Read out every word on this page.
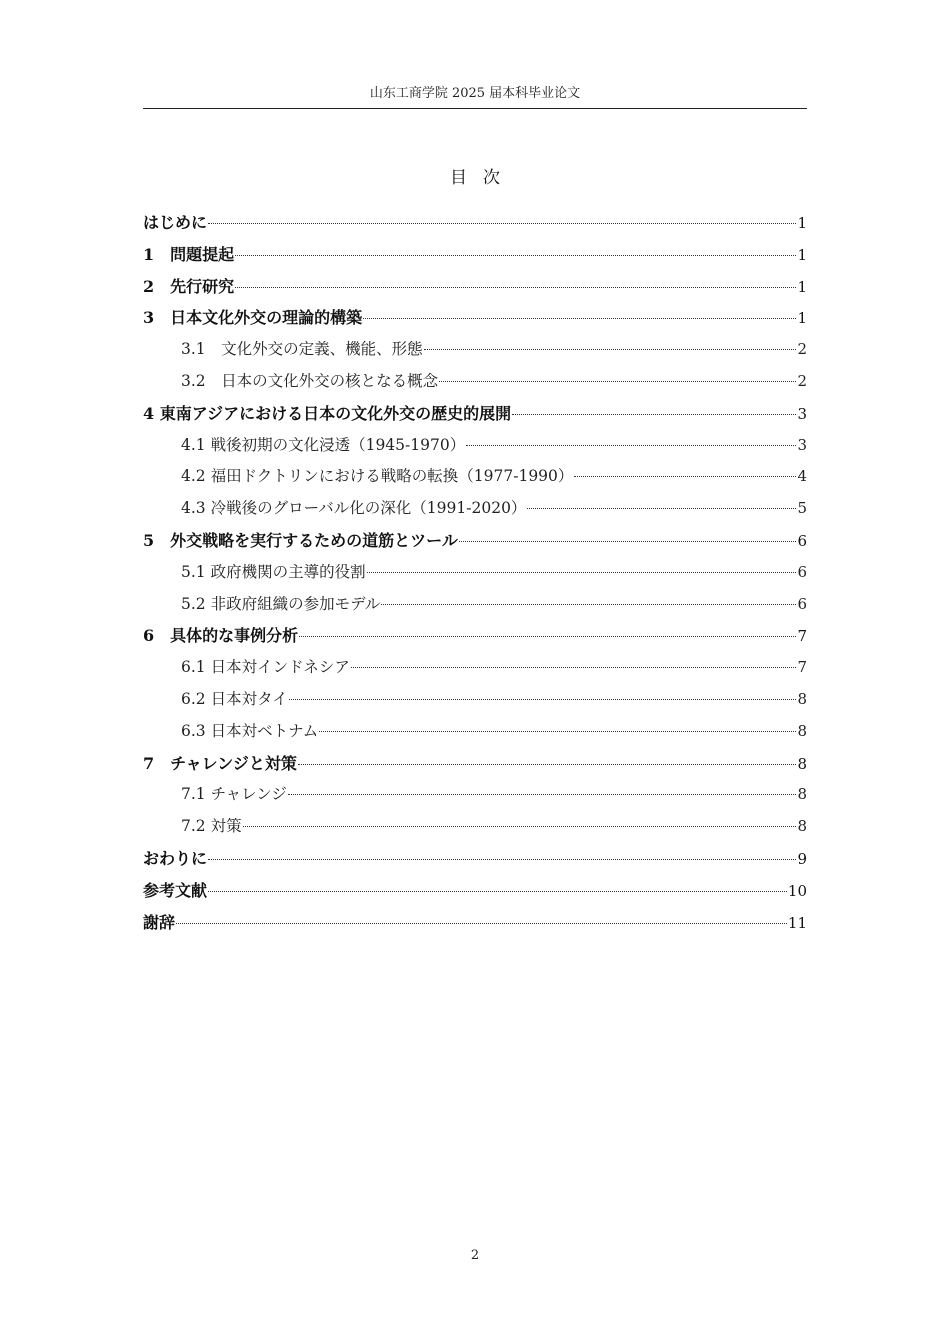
山东工商学院 2025 届本科毕业论文
目次
はじめに	1
1　問題提起	1
2　先行研究	1
3　日本文化外交の理論的構築	1
3.1　文化外交の定義、機能、形態	2
3.2　日本の文化外交の核となる概念	2
4 東南アジアにおける日本の文化外交の歴史的展開	3
4.1 戦後初期の文化浸透（1945-1970）	3
4.2 福田ドクトリンにおける戦略の転換（1977-1990）	4
4.3 冷戦後のグローバル化の深化（1991-2020）	5
5　外交戦略を実行するための道筋とツール	6
5.1 政府機関の主導的役割	6
5.2 非政府組織の参加モデル	6
6　具体的な事例分析	7
6.1 日本対インドネシア	7
6.2 日本対タイ	8
6.3 日本対ベトナム	8
7　チャレンジと対策	8
7.1 チャレンジ	8
7.2 対策	8
おわりに	9
参考文献	10
謝辞	11
2
